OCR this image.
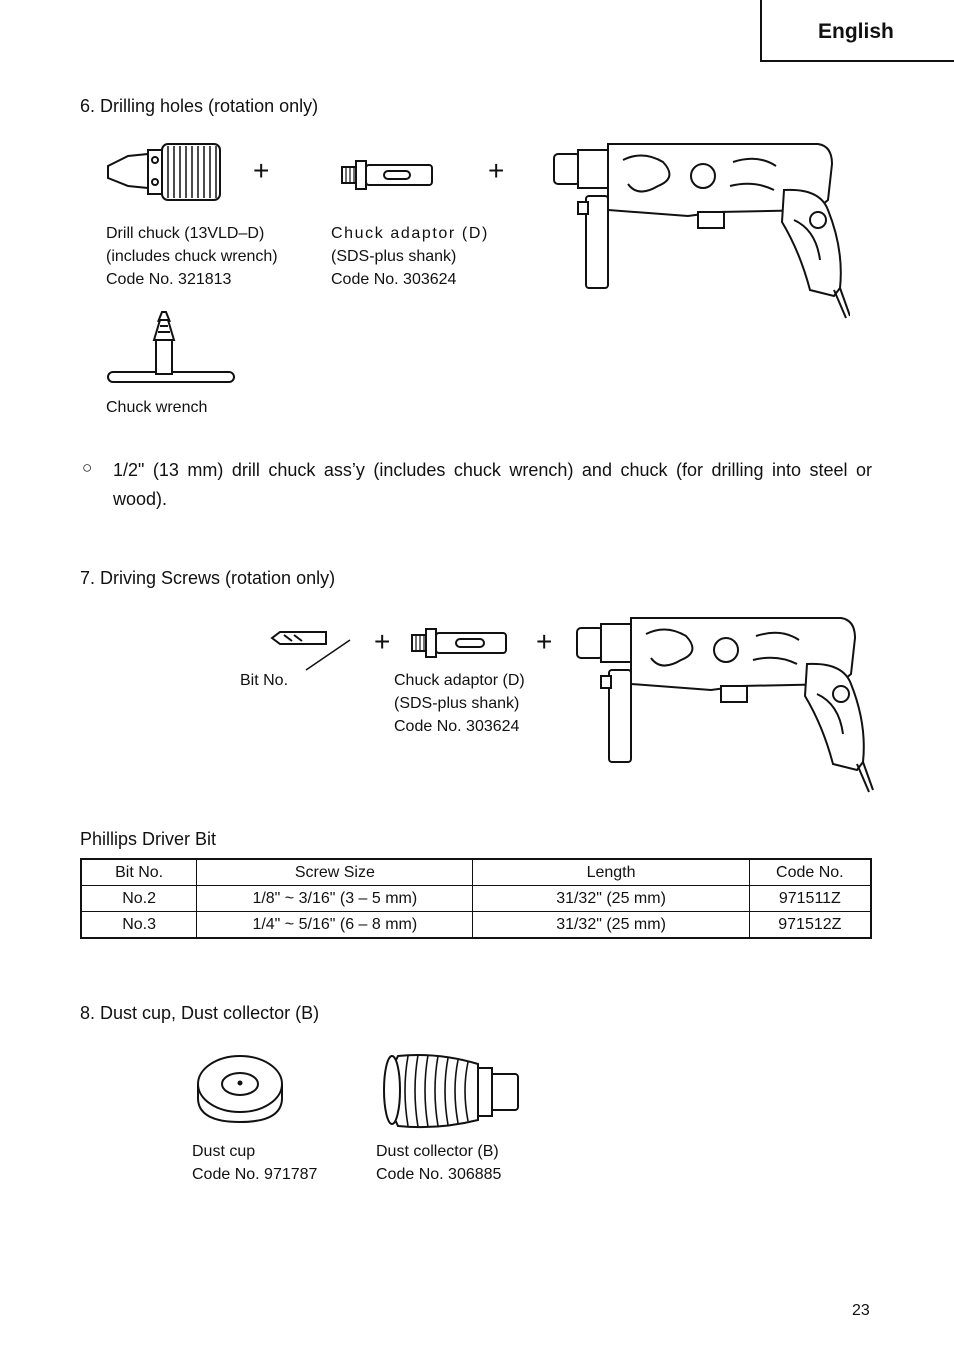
English
6. Drilling holes (rotation only)
+	+
Drill chuck (13VLD–D)
(includes chuck wrench)
Code No. 321813
Chuck adaptor (D)
(SDS-plus shank)
Code No. 303624
Chuck wrench
○ 1/2" (13 mm) drill chuck ass’y (includes chuck wrench) and chuck (for drilling into steel or wood).
7. Driving Screws (rotation only)
+	+
Bit No.	Chuck adaptor (D)
(SDS-plus shank)
Code No. 303624
Phillips Driver Bit
Bit No.	Screw Size	Length	Code No.
No.2	1/8" ~ 3/16" (3 – 5 mm)	31/32" (25 mm)	971511Z
No.3	1/4" ~ 5/16" (6 – 8 mm)	31/32" (25 mm)	971512Z
8. Dust cup, Dust collector (B)
Dust cup
Code No. 971787
Dust collector (B)
Code No. 306885
23
